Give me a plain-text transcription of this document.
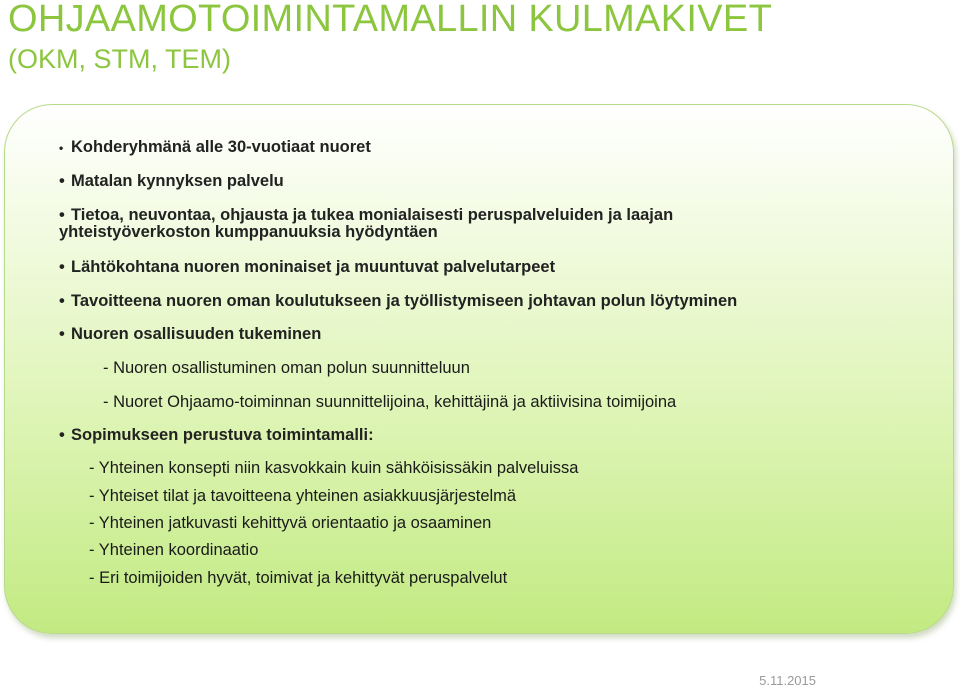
OHJAAMOTOIMINTAMALLIN KULMAKIVET
(OKM, STM, TEM)
• Kohderyhmänä alle 30-vuotiaat nuoret
• Matalan kynnyksen palvelu
• Tietoa, neuvontaa, ohjausta ja tukea monialaisesti peruspalveluiden ja laajan
yhteistyöverkoston kumppanuuksia hyödyntäen
• Lähtökohtana nuoren moninaiset ja muuntuvat palvelutarpeet
• Tavoitteena nuoren oman koulutukseen ja työllistymiseen johtavan polun löytyminen
• Nuoren osallisuuden tukeminen
- Nuoren osallistuminen oman polun suunnitteluun
- Nuoret Ohjaamo-toiminnan suunnittelijoina, kehittäjinä ja aktiivisina toimijoina
• Sopimukseen perustuva toimintamalli:
- Yhteinen konsepti niin kasvokkain kuin sähköisissäkin palveluissa
- Yhteiset tilat ja tavoitteena yhteinen asiakkuusjärjestelmä
- Yhteinen jatkuvasti kehittyvä orientaatio ja osaaminen
- Yhteinen koordinaatio
- Eri toimijoiden hyvät, toimivat ja kehittyvät peruspalvelut
5.11.2015
